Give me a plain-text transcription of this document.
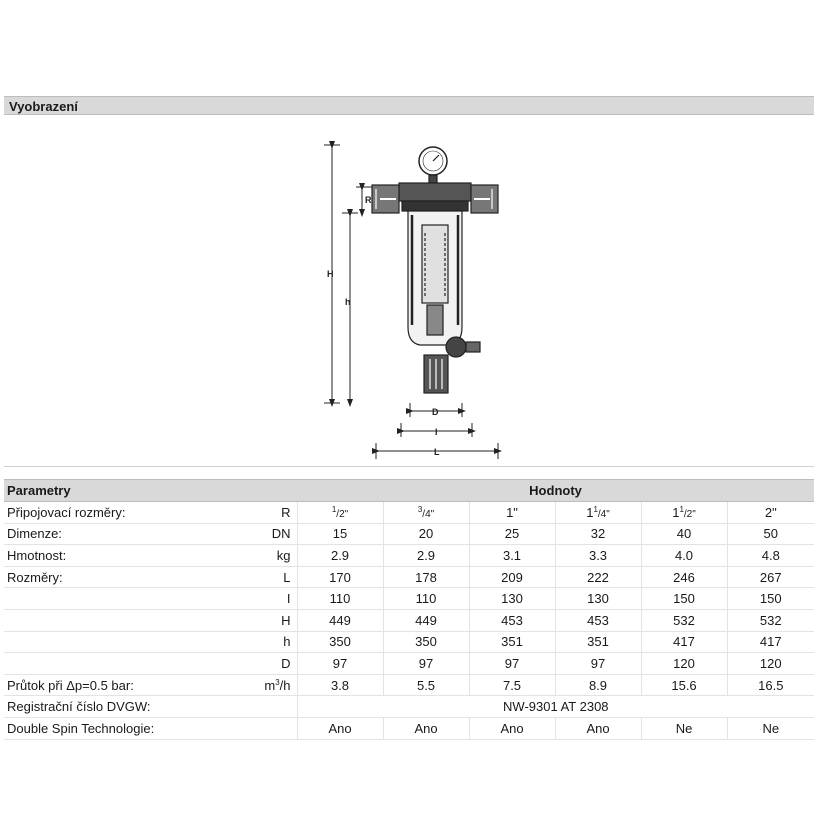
Vyobrazení
H
h
R
D
I
L
Parametry		Hodnoty					
Připojovací rozměry:	R	$^1$/2"	$^3$/4"	1"	$1^1/4$"	$1^1/2$"	2"
Dimenze:	DN	15	20	25	32	40	50
Hmotnost:	kg	2.9	2.9	3.1	3.3	4.0	4.8
Rozměry:	L	170	178	209	222	246	267
	I	110	110	130	130	150	150
	H	449	449	453	453	532	532
	h	350	350	351	351	417	417
	D	97	97	97	97	120	120
Průtok při Δp=0.5 bar:	$m^3/h$	3.8	5.5	7.5	8.9	15.6	16.5
Registrační číslo DVGW:		NW-9301 AT 2308					
Double Spin Technologie:		Ano	Ano	Ano	Ano	Ne	Ne
